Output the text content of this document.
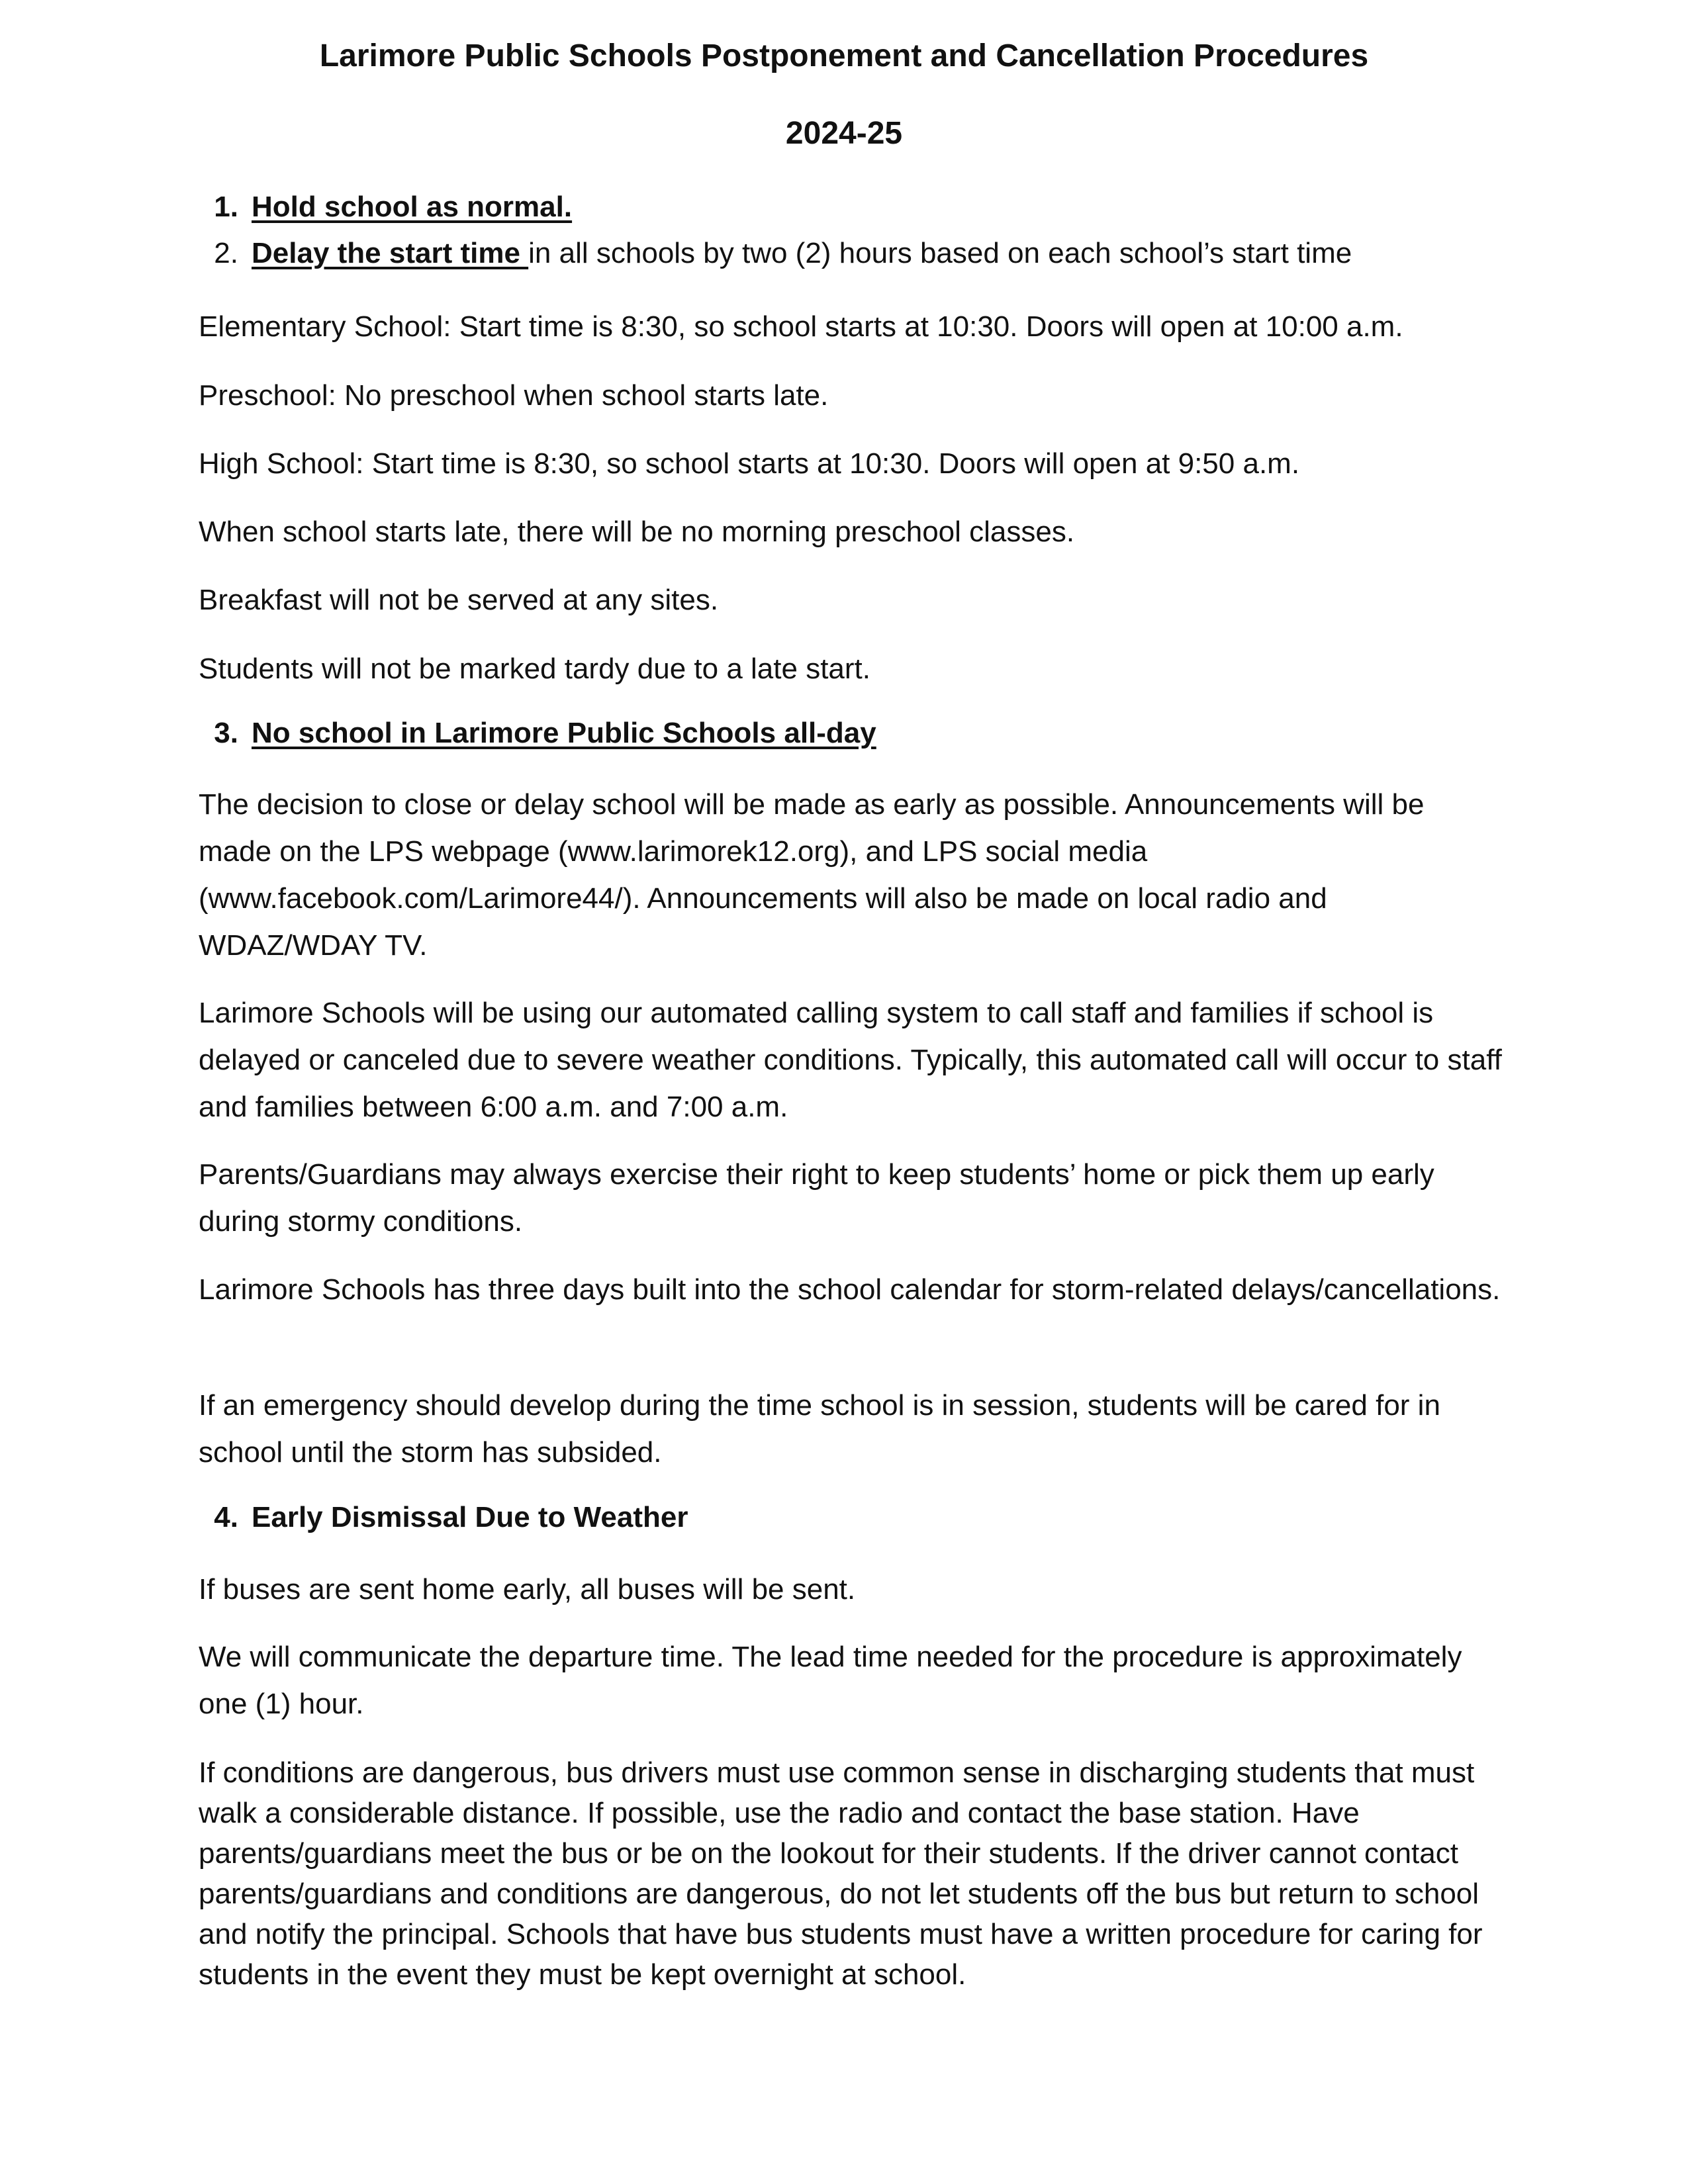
Larimore Public Schools Postponement and Cancellation Procedures
2024-25
1. Hold school as normal.
2. Delay the start time in all schools by two (2) hours based on each school’s start time

Elementary School: Start time is 8:30, so school starts at 10:30. Doors will open at 10:00 a.m.

Preschool: No preschool when school starts late.

High School: Start time is 8:30, so school starts at 10:30. Doors will open at 9:50 a.m.

When school starts late, there will be no morning preschool classes.

Breakfast will not be served at any sites.

Students will not be marked tardy due to a late start.

3. No school in Larimore Public Schools all-day

The decision to close or delay school will be made as early as possible. Announcements will be made on the LPS webpage (www.larimorek12.org), and LPS social media (www.facebook.com/Larimore44/). Announcements will also be made on local radio and WDAZ/WDAY TV.

Larimore Schools will be using our automated calling system to call staff and families if school is delayed or canceled due to severe weather conditions. Typically, this automated call will occur to staff and families between 6:00 a.m. and 7:00 a.m.

Parents/Guardians may always exercise their right to keep students’ home or pick them up early during stormy conditions.

Larimore Schools has three days built into the school calendar for storm-related delays/cancellations.

If an emergency should develop during the time school is in session, students will be cared for in school until the storm has subsided.

4. Early Dismissal Due to Weather

If buses are sent home early, all buses will be sent.

We will communicate the departure time. The lead time needed for the procedure is approximately one (1) hour.

If conditions are dangerous, bus drivers must use common sense in discharging students that must walk a considerable distance. If possible, use the radio and contact the base station. Have parents/guardians meet the bus or be on the lookout for their students. If the driver cannot contact parents/guardians and conditions are dangerous, do not let students off the bus but return to school and notify the principal. Schools that have bus students must have a written procedure for caring for students in the event they must be kept overnight at school.
